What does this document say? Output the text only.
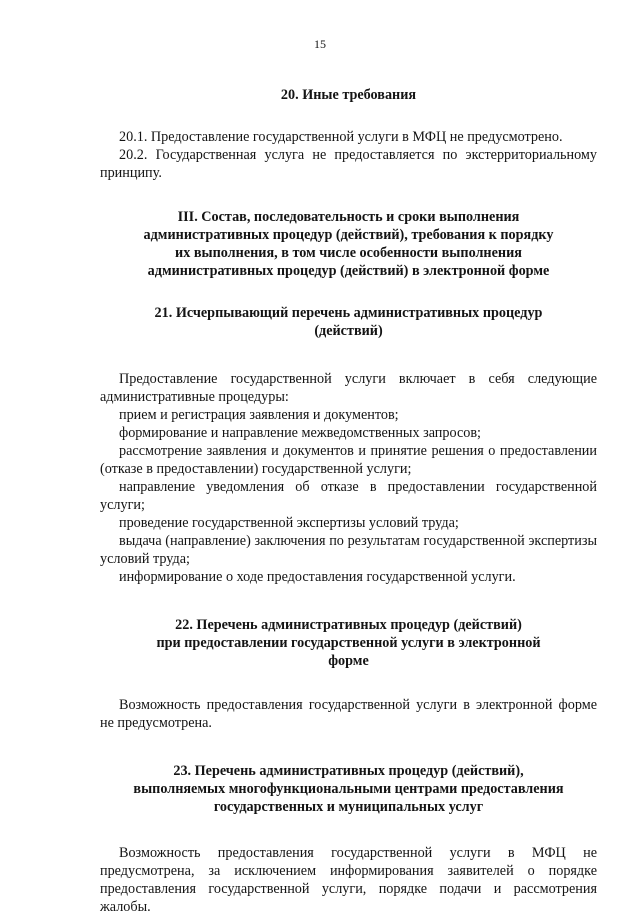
15
20. Иные требования

20.1. Предоставление государственной услуги в МФЦ не предусмотрено.

20.2. Государственная услуга не предоставляется по экстерриториальному принципу.

III. Состав, последовательность и сроки выполнения
административных процедур (действий), требования к порядку
их выполнения, в том числе особенности выполнения
административных процедур (действий) в электронной форме
21. Исчерпывающий перечень административных процедур
(действий)

Предоставление государственной услуги включает в себя следующие административные процедуры:

прием и регистрация заявления и документов;

формирование и направление межведомственных запросов;

рассмотрение заявления и документов и принятие решения о предоставлении (отказе в предоставлении) государственной услуги;

направление уведомления об отказе в предоставлении государственной услуги;

проведение государственной экспертизы условий труда;

выдача (направление) заключения по результатам государственной экспертизы условий труда;

информирование о ходе предоставления государственной услуги.

22. Перечень административных процедур (действий)
при предоставлении государственной услуги в электронной
форме

Возможность предоставления государственной услуги в электронной форме не предусмотрена.

23. Перечень административных процедур (действий),
выполняемых многофункциональными центрами предоставления
государственных и муниципальных услуг

Возможность предоставления государственной услуги в МФЦ не предусмотрена, за исключением информирования заявителей о порядке предоставления государственной услуги, порядке подачи и рассмотрения жалобы.
